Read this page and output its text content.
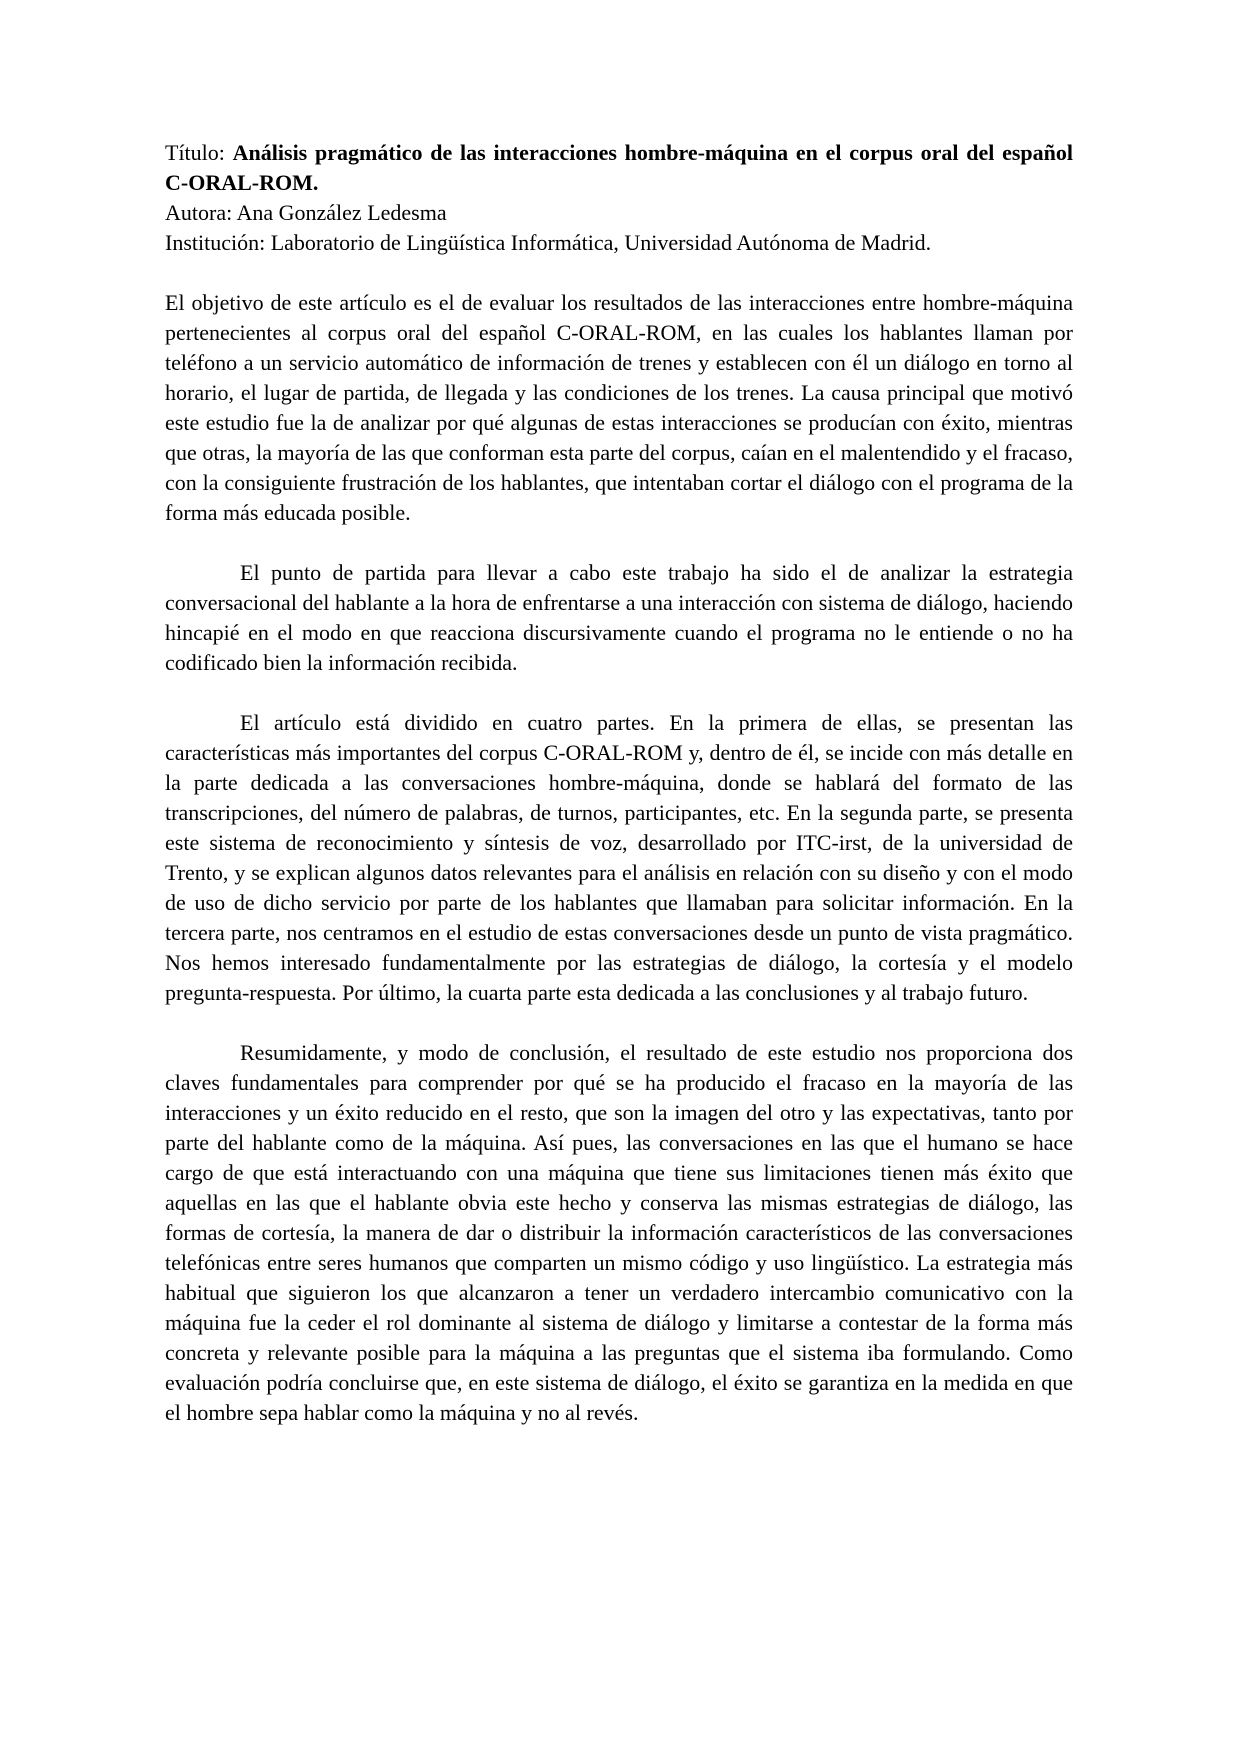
Título: Análisis pragmático de las interacciones hombre-máquina en el corpus oral del español C-ORAL-ROM.

Autora: Ana González Ledesma

Institución: Laboratorio de Lingüística Informática, Universidad Autónoma de Madrid.

El objetivo de este artículo es el de evaluar los resultados de las interacciones entre hombre-máquina pertenecientes al corpus oral del español C-ORAL-ROM, en las cuales los hablantes llaman por teléfono a un servicio automático de información de trenes y establecen con él un diálogo en torno al horario, el lugar de partida, de llegada y las condiciones de los trenes. La causa principal que motivó este estudio fue la de analizar por qué algunas de estas interacciones se producían con éxito, mientras que otras, la mayoría de las que conforman esta parte del corpus, caían en el malentendido y el fracaso, con la consiguiente frustración de los hablantes, que intentaban cortar el diálogo con el programa de la forma más educada posible.

El punto de partida para llevar a cabo este trabajo ha sido el de analizar la estrategia conversacional del hablante a la hora de enfrentarse a una interacción con sistema de diálogo, haciendo hincapié en el modo en que reacciona discursivamente cuando el programa no le entiende o no ha codificado bien la información recibida.

El artículo está dividido en cuatro partes. En la primera de ellas, se presentan las características más importantes del corpus C-ORAL-ROM y, dentro de él, se incide con más detalle en la parte dedicada a las conversaciones hombre-máquina, donde se hablará del formato de las transcripciones, del número de palabras, de turnos, participantes, etc. En la segunda parte, se presenta este sistema de reconocimiento y síntesis de voz, desarrollado por ITC-irst, de la universidad de Trento, y se explican algunos datos relevantes para el análisis en relación con su diseño y con el modo de uso de dicho servicio por parte de los hablantes que llamaban para solicitar información. En la tercera parte, nos centramos en el estudio de estas conversaciones desde un punto de vista pragmático. Nos hemos interesado fundamentalmente por las estrategias de diálogo, la cortesía y el modelo pregunta-respuesta. Por último, la cuarta parte esta dedicada a las conclusiones y al trabajo futuro.

Resumidamente, y modo de conclusión, el resultado de este estudio nos proporciona dos claves fundamentales para comprender por qué se ha producido el fracaso en la mayoría de las interacciones y un éxito reducido en el resto, que son la imagen del otro y las expectativas, tanto por parte del hablante como de la máquina. Así pues, las conversaciones en las que el humano se hace cargo de que está interactuando con una máquina que tiene sus limitaciones tienen más éxito que aquellas en las que el hablante obvia este hecho y conserva las mismas estrategias de diálogo, las formas de cortesía, la manera de dar o distribuir la información característicos de las conversaciones telefónicas entre seres humanos que comparten un mismo código y uso lingüístico. La estrategia más habitual que siguieron los que alcanzaron a tener un verdadero intercambio comunicativo con la máquina fue la ceder el rol dominante al sistema de diálogo y limitarse a contestar de la forma más concreta y relevante posible para la máquina a las preguntas que el sistema iba formulando. Como evaluación podría concluirse que, en este sistema de diálogo, el éxito se garantiza en la medida en que el hombre sepa hablar como la máquina y no al revés.
